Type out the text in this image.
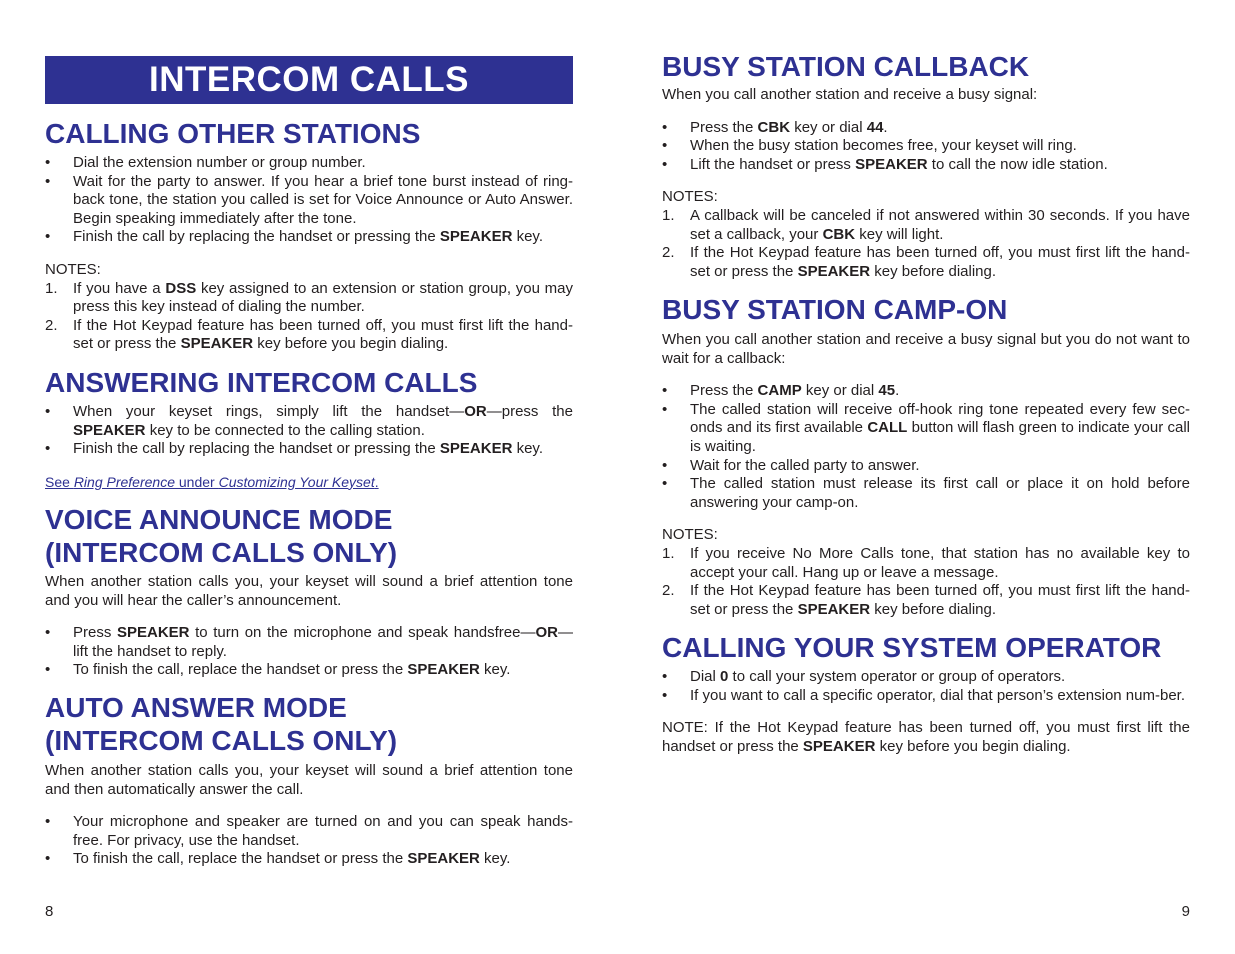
INTERCOM CALLS
CALLING OTHER STATIONS
• Dial the extension number or group number.
• Wait for the party to answer. If you hear a brief tone burst instead of ring-back tone, the station you called is set for Voice Announce or Auto Answer. Begin speaking immediately after the tone.
• Finish the call by replacing the handset or pressing the SPEAKER key.

NOTES:

1. If you have a DSS key assigned to an extension or station group, you may press this key instead of dialing the number.
2. If the Hot Keypad feature has been turned off, you must first lift the hand-set or press the SPEAKER key before you begin dialing.
ANSWERING INTERCOM CALLS
• When your keyset rings, simply lift the handset—OR—press the SPEAKER key to be connected to the calling station.
• Finish the call by replacing the handset or pressing the SPEAKER key.

See Ring Preference under Customizing Your Keyset.

VOICE ANNOUNCE MODE
(INTERCOM CALLS ONLY)

When another station calls you, your keyset will sound a brief attention tone and you will hear the caller’s announcement.

• Press SPEAKER to turn on the microphone and speak handsfree—OR— lift the handset to reply.
• To finish the call, replace the handset or press the SPEAKER key.
AUTO ANSWER MODE
(INTERCOM CALLS ONLY)

When another station calls you, your keyset will sound a brief attention tone and then automatically answer the call.

• Your microphone and speaker are turned on and you can speak hands-free. For privacy, use the handset.
• To finish the call, replace the handset or press the SPEAKER key.
8
BUSY STATION CALLBACK

When you call another station and receive a busy signal:

• Press the CBK key or dial 44.
• When the busy station becomes free, your keyset will ring.
• Lift the handset or press SPEAKER to call the now idle station.

NOTES:

1. A callback will be canceled if not answered within 30 seconds. If you have set a callback, your CBK key will light.
2. If the Hot Keypad feature has been turned off, you must first lift the hand-set or press the SPEAKER key before dialing.
BUSY STATION CAMP-ON

When you call another station and receive a busy signal but you do not want to wait for a callback:

• Press the CAMP key or dial 45.
• The called station will receive off-hook ring tone repeated every few sec-onds and its first available CALL button will flash green to indicate your call is waiting.
• Wait for the called party to answer.
• The called station must release its first call or place it on hold before answering your camp-on.

NOTES:

1. If you receive No More Calls tone, that station has no available key to accept your call. Hang up or leave a message.
2. If the Hot Keypad feature has been turned off, you must first lift the hand-set or press the SPEAKER key before dialing.
CALLING YOUR SYSTEM OPERATOR
• Dial 0 to call your system operator or group of operators.
• If you want to call a specific operator, dial that person’s extension num-ber.

NOTE: If the Hot Keypad feature has been turned off, you must first lift the handset or press the SPEAKER key before you begin dialing.

9
